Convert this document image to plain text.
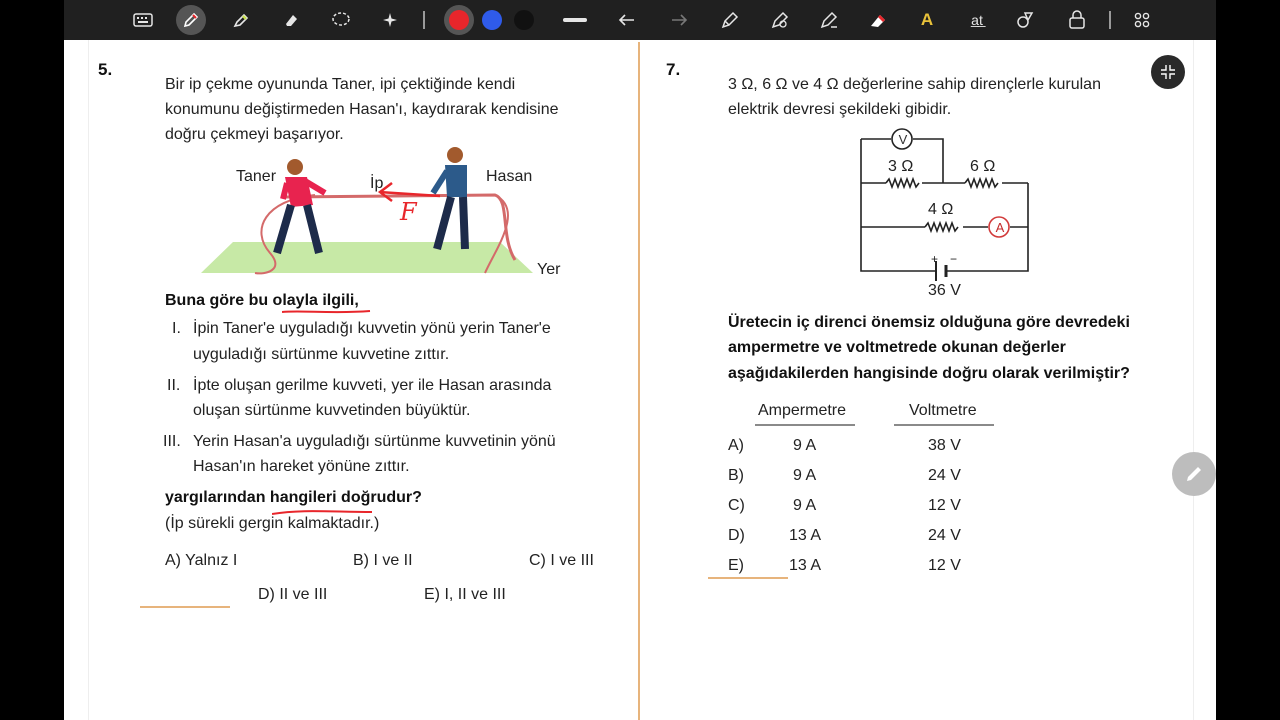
A	a̲t̲
5.
Bir ip çekme oyununda Taner, ipi çektiğinde kendi
konumunu değiştirmeden Hasan'ı, kaydırarak kendisine
doğru çekmeyi başarıyor.
Taner	İp	Hasan
Yer
F
Buna göre bu olayla ilgili,
I. İpin Taner'e uyguladığı kuvvetin yönü yerin Taner'e
uyguladığı sürtünme kuvvetine zıttır.
II. İpte oluşan gerilme kuvveti, yer ile Hasan arasında
oluşan sürtünme kuvvetinden büyüktür.
III. Yerin Hasan'a uyguladığı sürtünme kuvvetinin yönü
Hasan'ın hareket yönüne zıttır.
yargılarından hangileri doğrudur?
(İp sürekli gergin kalmaktadır.)
A) Yalnız I	B) I ve II	C) I ve III
D) II ve III	E) I, II ve III
7.
3 Ω, 6 Ω ve 4 Ω değerlerine sahip dirençlerle kurulan
elektrik devresi şekildeki gibidir.
V
A
3 Ω	6 Ω
4 Ω
+ −
36 V
Üretecin iç direnci önemsiz olduğuna göre devredeki
ampermetre ve voltmetrede okunan değerler
aşağıdakilerden hangisinde doğru olarak verilmiştir?
Ampermetre	Voltmetre
A)	9 A	38 V
B)	9 A	24 V
C)	9 A	12 V
D)	13 A	24 V
E)	13 A	12 V
